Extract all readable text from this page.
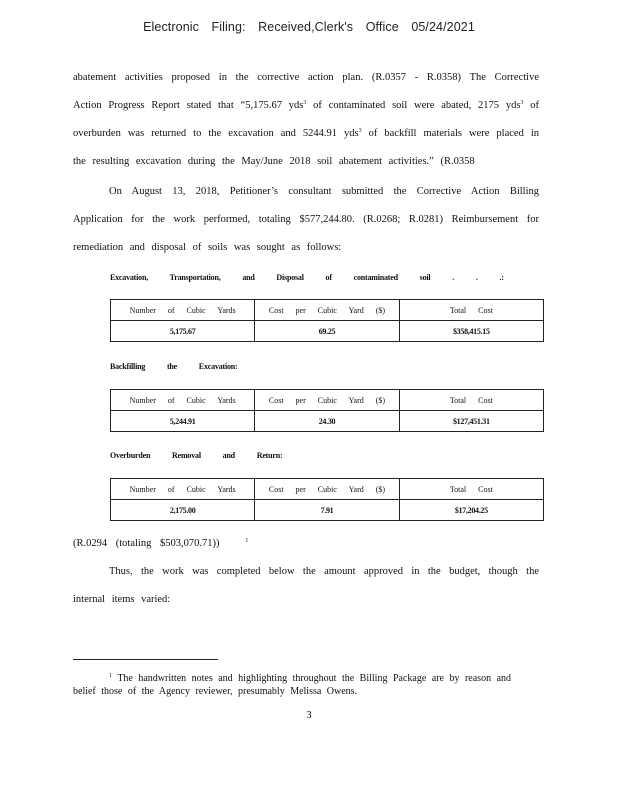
Electronic Filing: Received,Clerk's Office 05/24/2021

abatement activities proposed in the corrective action plan. (R.0357 - R.0358) The Corrective Action Progress Report stated that “5,175.67 yds$^3$ of contaminated soil were abated, 2175 yds$^3$ of overburden was returned to the excavation and 5244.91 yds$^3$ of backfill materials were placed in the resulting excavation during the May/June 2018 soil abatement activities.” (R.0358

On August 13, 2018, Petitioner’s consultant submitted the Corrective Action Billing Application for the work performed, totaling $577,244.80. (R.0268; R.0281) Reimbursement for remediation and disposal of soils was sought as follows:

Excavation, Transportation, and Disposal of contaminated soil . . .:
Number of Cubic Yards	Cost per Cubic Yard ($)	Total Cost
5,175.67	69.25	$358,415.15
Backfilling the Excavation:
Number of Cubic Yards	Cost per Cubic Yard ($)	Total Cost
5,244.91	24.30	$127,451.31
Overburden Removal and Return:
Number of Cubic Yards	Cost per Cubic Yard ($)	Total Cost
2,175.00	7.91	$17,204.25

(R.0294 (totaling $503,070.71))	$^1$

Thus, the work was completed below the amount approved in the budget, though the internal items varied:

$^1$ The handwritten notes and highlighting throughout the Billing Package are by reason and belief those of the Agency reviewer, presumably Melissa Owens.

3
